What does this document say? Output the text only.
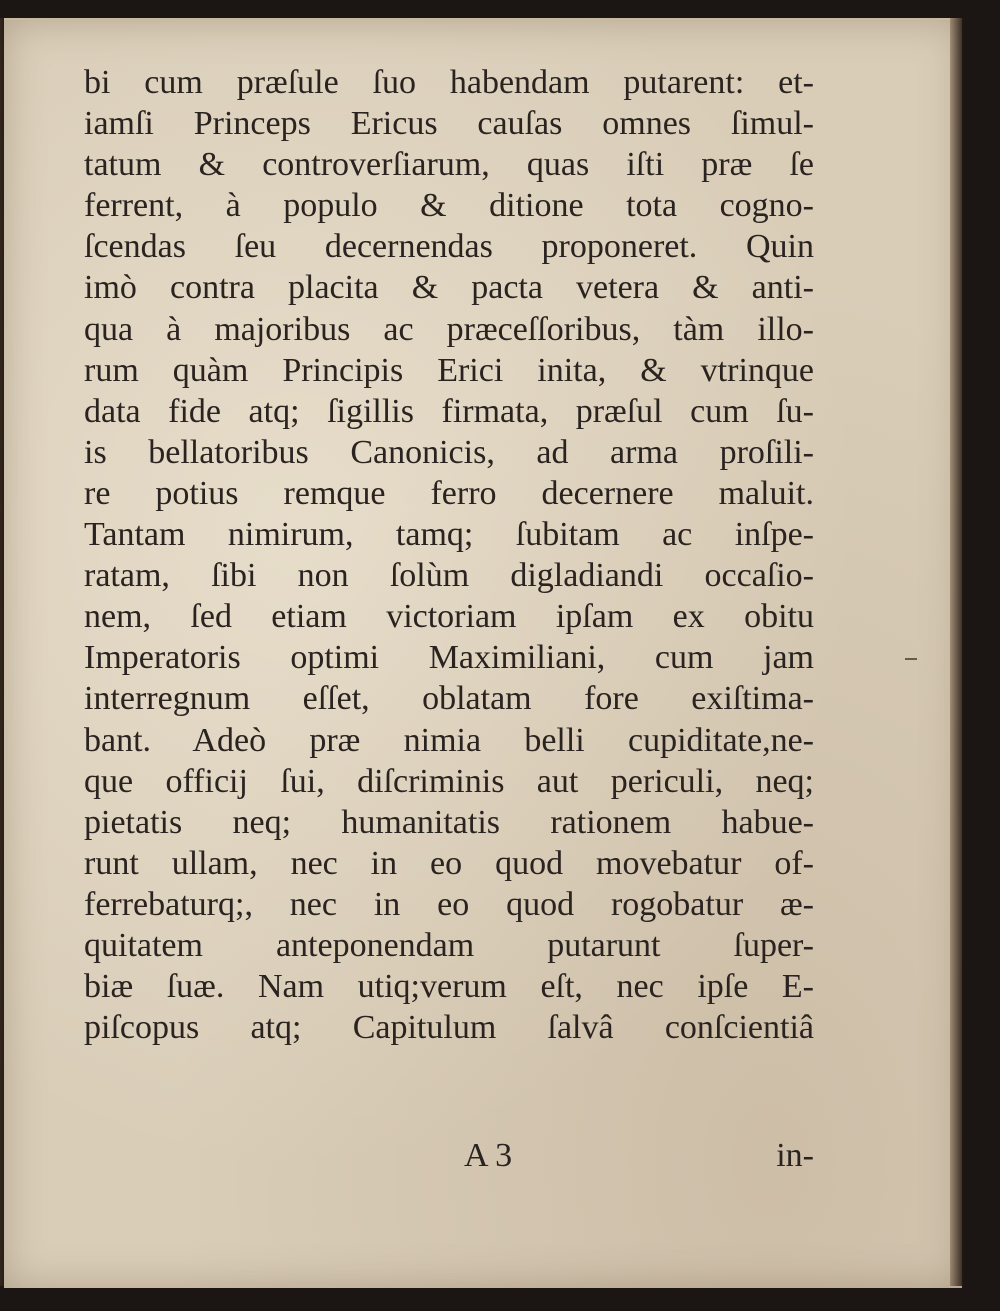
bi cum præſule ſuo habendam putarent: et-
iamſi Princeps Ericus cauſas omnes ſimul-
tatum & controverſiarum, quas iſti præ ſe
ferrent, à populo & ditione tota cogno-
ſcendas ſeu decernendas proponeret. Quin
imò contra placita & pacta vetera & anti-
qua à majoribus ac præceſſoribus, tàm illo-
rum quàm Principis Erici inita, & vtrinque
data fide atq; ſigillis firmata, præſul cum ſu-
is bellatoribus Canonicis, ad arma proſili-
re potius remque ferro decernere maluit.
Tantam nimirum, tamq; ſubitam ac inſpe-
ratam, ſibi non ſolùm digladiandi occaſio-
nem, ſed etiam victoriam ipſam ex obitu
Imperatoris optimi Maximiliani, cum jam
interregnum eſſet, oblatam fore exiſtima-
bant. Adeò præ nimia belli cupiditate,ne-
que officij ſui, diſcriminis aut periculi, neq;
pietatis neq; humanitatis rationem habue-
runt ullam, nec in eo quod movebatur of-
ferrebaturq;, nec in eo quod rogobatur æ-
quitatem anteponendam putarunt ſuper-
biæ ſuæ. Nam utiq;verum eſt, nec ipſe E-
piſcopus atq; Capitulum ſalvâ conſcientiâ
A 3	in-
